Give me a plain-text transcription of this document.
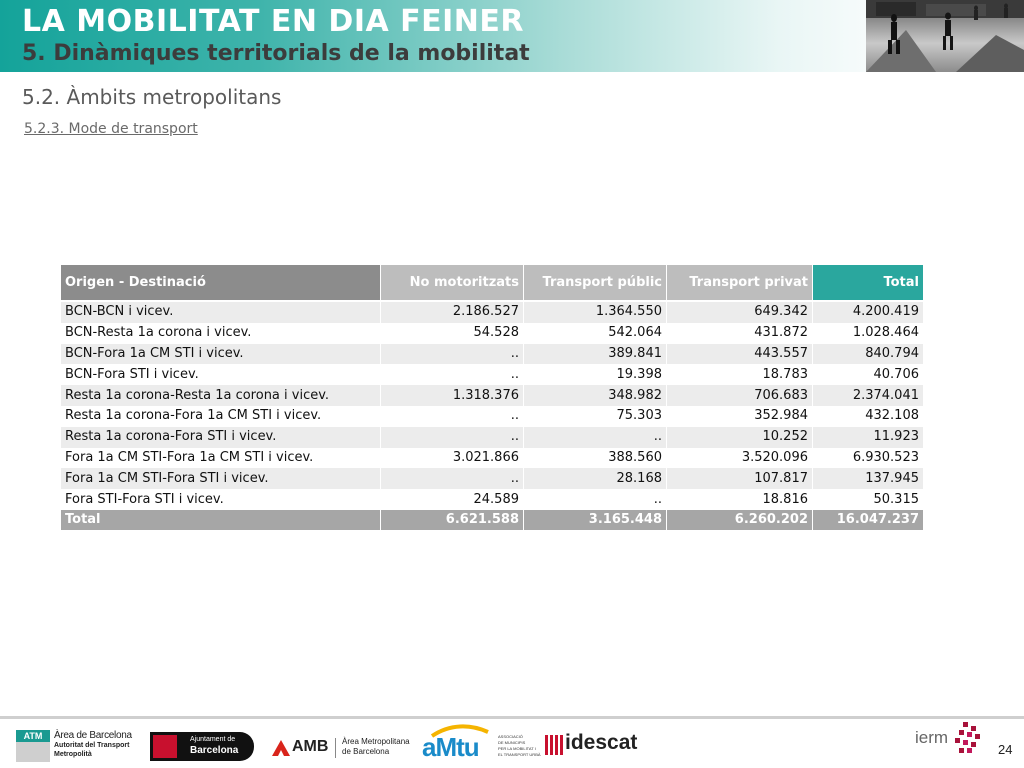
LA MOBILITAT EN DIA FEINER
5. Dinàmiques territorials de la mobilitat
5.2. Àmbits metropolitans
5.2.3. Mode de transport
Origen - Destinació	No motoritzats	Transport públic	Transport privat	Total

BCN-BCN i vicev.	2.186.527	1.364.550	649.342	4.200.419
BCN-Resta 1a corona i vicev.	54.528	542.064	431.872	1.028.464
BCN-Fora 1a CM STI i vicev.	..	389.841	443.557	840.794
BCN-Fora STI i vicev.	..	19.398	18.783	40.706
Resta 1a corona-Resta 1a corona i vicev.	1.318.376	348.982	706.683	2.374.041
Resta 1a corona-Fora 1a CM STI i vicev.	..	75.303	352.984	432.108
Resta 1a corona-Fora STI i vicev.	..	..	10.252	11.923
Fora 1a CM STI-Fora 1a CM STI i vicev.	3.021.866	388.560	3.520.096	6.930.523
Fora 1a CM STI-Fora STI i vicev.	..	28.168	107.817	137.945
Fora STI-Fora STI i vicev.	24.589	..	18.816	50.315
Total	6.621.588	3.165.448	6.260.202	16.047.237
ATM	Àrea de Barcelona
Autoritat del Transport
Metropolità
Ajuntament de
Barcelona	AMB Àrea Metropolitana
de Barcelona aMtu	ASSOCIACIÓ
DE MUNICIPIS
PER LA MOBILITAT I
EL TRANSPORT URBÀ
idescat	ierm
24
